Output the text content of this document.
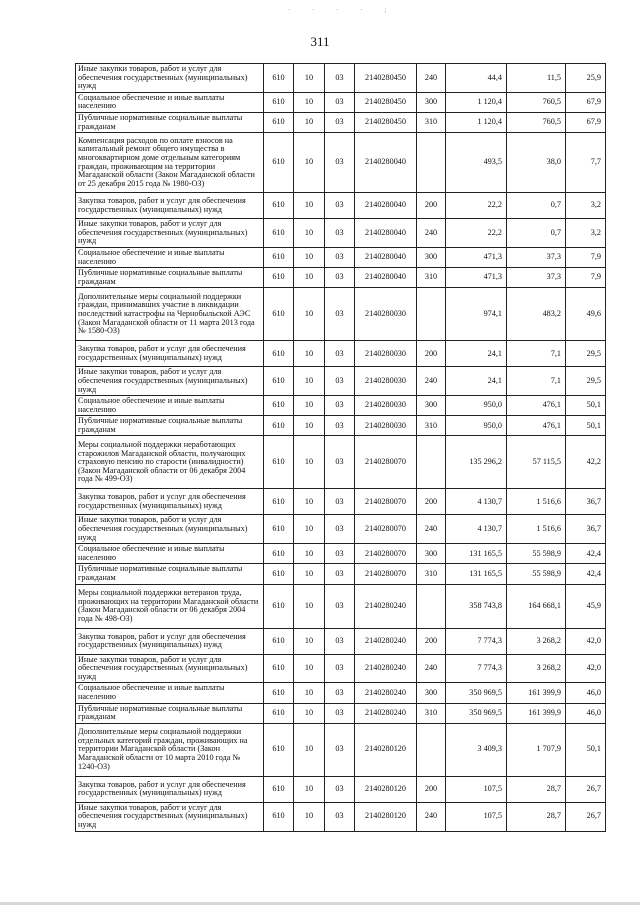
· · · · ;
311
Иные закупки товаров, работ и услуг для обеспечения государственных (муниципальных) нужд	610	10	03	2140280450	240	44,4	11,5	25,9
Социальное обеспечение и иные выплаты населению	610	10	03	2140280450	300	1 120,4	760,5	67,9
Публичные нормативные социальные выплаты гражданам	610	10	03	2140280450	310	1 120,4	760,5	67,9
Компенсация расходов по оплате взносов на капитальный ремонт общего имущества в многоквартирном доме отдельным категориям граждан, проживающим на территории Магаданской области (Закон Магаданской области от 25 декабря 2015 года № 1980-ОЗ)	610	10	03	2140280040		493,5	38,0	7,7
Закупка товаров, работ и услуг для обеспечения государственных (муниципальных) нужд	610	10	03	2140280040	200	22,2	0,7	3,2
Иные закупки товаров, работ и услуг для обеспечения государственных (муниципальных) нужд	610	10	03	2140280040	240	22,2	0,7	3,2
Социальное обеспечение и иные выплаты населению	610	10	03	2140280040	300	471,3	37,3	7,9
Публичные нормативные социальные выплаты гражданам	610	10	03	2140280040	310	471,3	37,3	7,9
Дополнительные меры социальной поддержки граждан, принимавших участие в ликвидации последствий катастрофы на Чернобыльской АЭС (Закон Магаданской области от 11 марта 2013 года № 1580-ОЗ)	610	10	03	2140280030		974,1	483,2	49,6
Закупка товаров, работ и услуг для обеспечения государственных (муниципальных) нужд	610	10	03	2140280030	200	24,1	7,1	29,5
Иные закупки товаров, работ и услуг для обеспечения государственных (муниципальных) нужд	610	10	03	2140280030	240	24,1	7,1	29,5
Социальное обеспечение и иные выплаты населению	610	10	03	2140280030	300	950,0	476,1	50,1
Публичные нормативные социальные выплаты гражданам	610	10	03	2140280030	310	950,0	476,1	50,1
Меры социальной поддержки неработающих старожилов Магаданской области, получающих страховую пенсию по старости (инвалидности) (Закон Магаданской области от 06 декабря 2004 года № 499-ОЗ)	610	10	03	2140280070		135 296,2	57 115,5	42,2
Закупка товаров, работ и услуг для обеспечения государственных (муниципальных) нужд	610	10	03	2140280070	200	4 130,7	1 516,6	36,7
Иные закупки товаров, работ и услуг для обеспечения государственных (муниципальных) нужд	610	10	03	2140280070	240	4 130,7	1 516,6	36,7
Социальное обеспечение и иные выплаты населению	610	10	03	2140280070	300	131 165,5	55 598,9	42,4
Публичные нормативные социальные выплаты гражданам	610	10	03	2140280070	310	131 165,5	55 598,9	42,4
Меры социальной поддержки ветеранов труда, проживающих на территории Магаданской области (Закон Магаданской области от 06 декабря 2004 года № 498-ОЗ)	610	10	03	2140280240		358 743,8	164 668,1	45,9
Закупка товаров, работ и услуг для обеспечения государственных (муниципальных) нужд	610	10	03	2140280240	200	7 774,3	3 268,2	42,0
Иные закупки товаров, работ и услуг для обеспечения государственных (муниципальных) нужд	610	10	03	2140280240	240	7 774,3	3 268,2	42,0
Социальное обеспечение и иные выплаты населению	610	10	03	2140280240	300	350 969,5	161 399,9	46,0
Публичные нормативные социальные выплаты гражданам	610	10	03	2140280240	310	350 969,5	161 399,9	46,0
Дополнительные меры социальной поддержки отдельных категорий граждан, проживающих на территории Магаданской области (Закон Магаданской области от 10 марта 2010 года № 1240-ОЗ)	610	10	03	2140280120		3 409,3	1 707,9	50,1
Закупка товаров, работ и услуг для обеспечения государственных (муниципальных) нужд	610	10	03	2140280120	200	107,5	28,7	26,7
Иные закупки товаров, работ и услуг для обеспечения государственных (муниципальных) нужд	610	10	03	2140280120	240	107,5	28,7	26,7
